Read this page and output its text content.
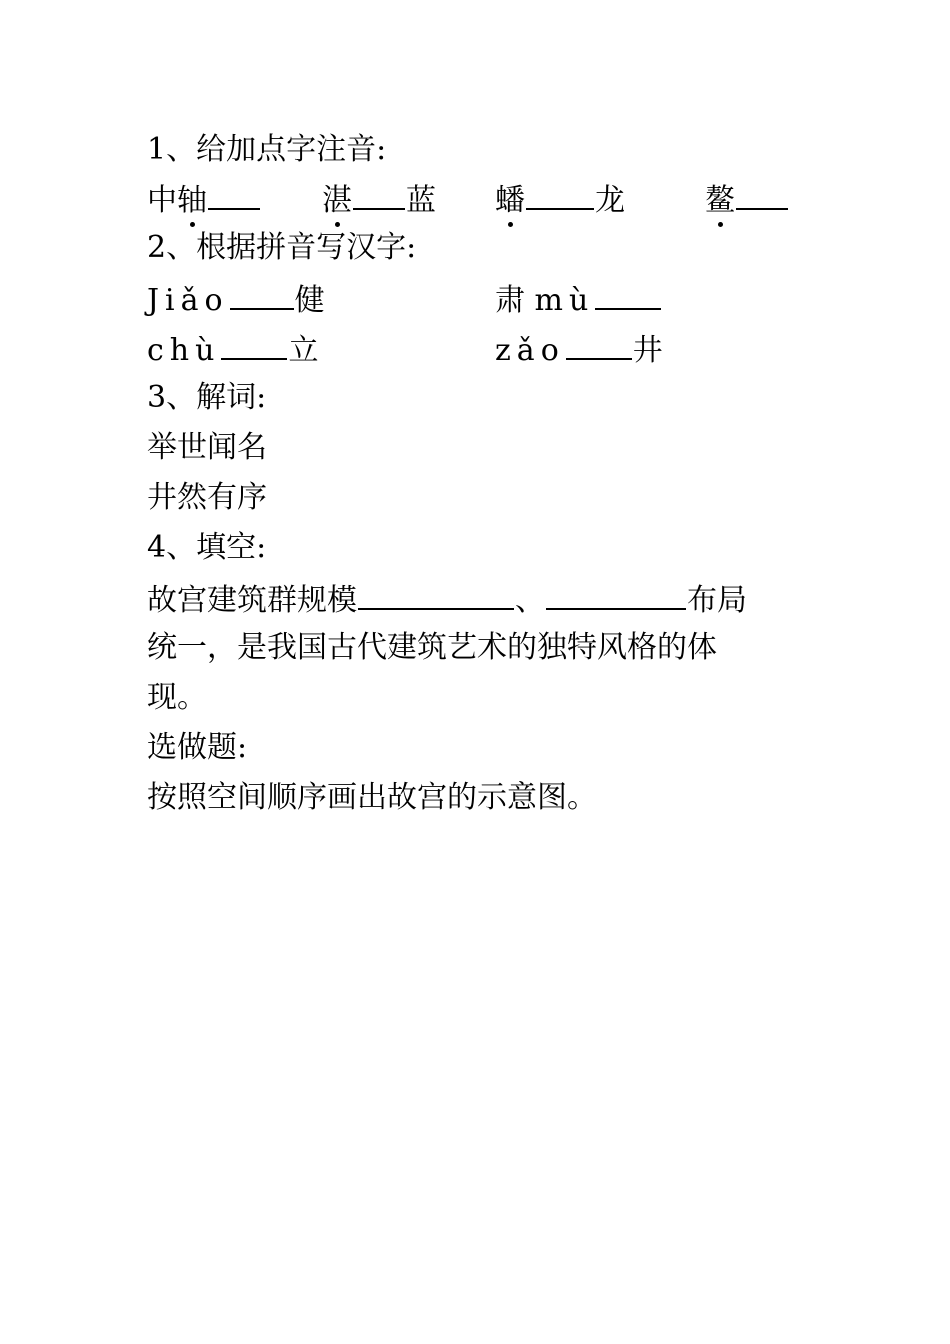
1、给加点字注音:
中轴	湛 蓝 蟠 龙	鳌
2、根据拼音写汉字:
Jiǎo 健	肃 mù
chù 立	zǎo 井
3、解词:
举世闻名
井然有序
4、填空:
故宫建筑群规模	、	布局
统一，是我国古代建筑艺术的独特风格的体
现。
选做题:
按照空间顺序画出故宫的示意图。
